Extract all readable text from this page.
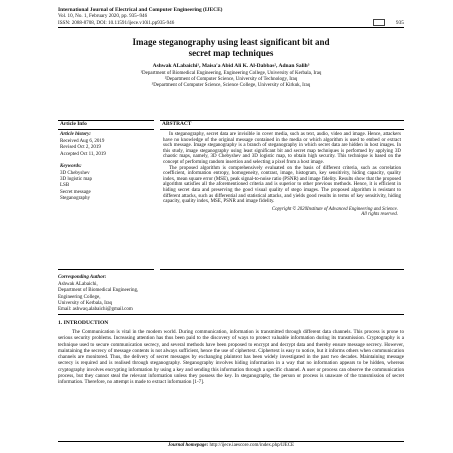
International Journal of Electrical and Computer Engineering (IJECE)
Vol. 10, No. 1, February 2020, pp. 935~946
ISSN: 2088-8708, DOI: 10.11591/ijece.v10i1.pp935-946	935
Image steganography using least significant bit and
secret map techniques
Ashwak ALabaichi¹, Maisa'a Abid Ali K. Al-Dabbas², Adnan Salih³
¹Department of Biomedical Engineering, Engineering College, University of Kerbala, Iraq
²Department of Computer Science, University of Technology, Iraq
³Department of Computer Science, Science College, University of Kirkuk, Iraq
Article Info
Article history:
Received Aug 6, 2019
Revised Oct 2, 2019
Accepted Oct 11, 2019
Keywords:
3D Chebyshev
3D logistic map
LSB
Secret message
Steganography
ABSTRACT

In steganography, secret data are invisible in cover media, such as text, audio, video and image. Hence, attackers have no knowledge of the original message contained in the media or which algorithm is used to embed or extract such message. Image steganography is a branch of steganography in which secret data are hidden in host images. In this study, image steganography using least significant bit and secret map techniques is performed by applying 3D chaotic maps, namely, 3D Chebyshev and 3D logistic map, to obtain high security. This technique is based on the concept of performing random insertion and selecting a pixel from a host image.

The proposed algorithm is comprehensively evaluated on the basis of different criteria, such as correlation coefficient, information entropy, homogeneity, contrast, image, histogram, key sensitivity, hiding capacity, quality index, mean square error (MSE), peak signal-to-noise ratio (PSNR) and image fidelity. Results show that the proposed algorithm satisfies all the aforementioned criteria and is superior to other previous methods. Hence, it is efficient in hiding secret data and preserving the good visual quality of stego images. The proposed algorithm is resistant to different attacks, such as differential and statistical attacks, and yields good results in terms of key sensitivity, hiding capacity, quality index, MSE, PSNR and image fidelity.

Copyright © 2020Institute of Advanced Engineering and Science.
All rights reserved.
Corresponding Author:
Ashwak ALabaichi,
Department of Biomedical Engineering,
Engineering College,
University of Kerbala, Iraq
Email: ashwaq.alabaichi@gmail.com
1. INTRODUCTION

The Communication is vital in the modern world. During communication, information is transmitted through different data channels. This process is prone to serious security problems. Increasing attention has thus been paid to the discovery of ways to protect valuable information during its transmission. Cryptography is a technique used to secure communication secrecy, and several methods have been proposed to encrypt and decrypt data and thereby ensure message secrecy. However, maintaining the secrecy of message contents is not always sufficient, hence the use of ciphertext. Ciphertext is easy to notice, but it informs others when communication channels are monitored. Thus, the delivery of secret messages by exchanging plaintext has been widely investigated in the past two decades. Maintaining message secrecy is required and is realised through steganography. Steganography involves hiding information in a way that no information appears to be hidden, whereas cryptography involves encrypting information by using a key and sending this information through a specific channel. A user or process can observe the communication process, but they cannot steal the relevant information unless they possess the key. In steganography, the person or process is unaware of the transmission of secret information. Therefore, no attempt is made to extract information [1-7].

Journal homepage: http://ijece.iaescore.com/index.php/IJECE
